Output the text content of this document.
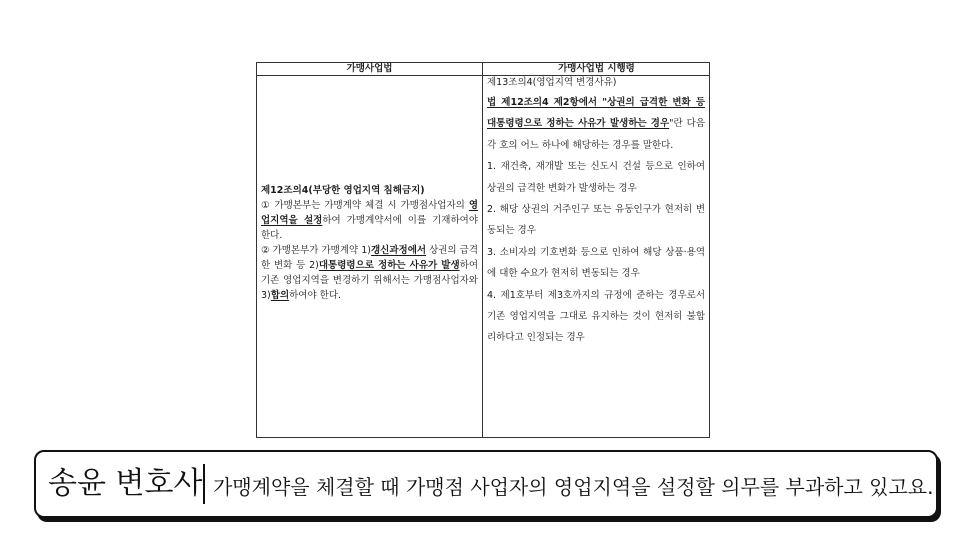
가맹사업법	가맹사업법 시행령

제12조의4(부당한 영업지역 침해금지)

① 가맹본부는 가맹계약 체결 시 가맹점사업자의 영업지역을 설정하여 가맹계약서에 이를 기재하여야 한다.

② 가맹본부가 가맹계약 1)갱신과정에서 상권의 급격한 변화 등 2)대통령령으로 정하는 사유가 발생하여 기존 영업지역을 변경하기 위해서는 가맹점사업자와 3)합의하여야 한다.

제13조의4(영업지역 변경사유)

법 제12조의4 제2항에서 "상권의 급격한 변화 등 대통령령으로 정하는 사유가 발생하는 경우"란 다음 각 호의 어느 하나에 해당하는 경우를 말한다.

1. 재건축, 재개발 또는 신도시 건설 등으로 인하여 상권의 급격한 변화가 발생하는 경우

2. 해당 상권의 거주인구 또는 유동인구가 현저히 변동되는 경우

3. 소비자의 기호변화 등으로 인하여 해당 상품·용역에 대한 수요가 현저히 변동되는 경우

4. 제1호부터 제3호까지의 규정에 준하는 경우로서 기존 영업지역을 그대로 유지하는 것이 현저히 불합리하다고 인정되는 경우

송윤 변호사 가맹계약을 체결할 때 가맹점 사업자의 영업지역을 설정할 의무를 부과하고 있고요.
